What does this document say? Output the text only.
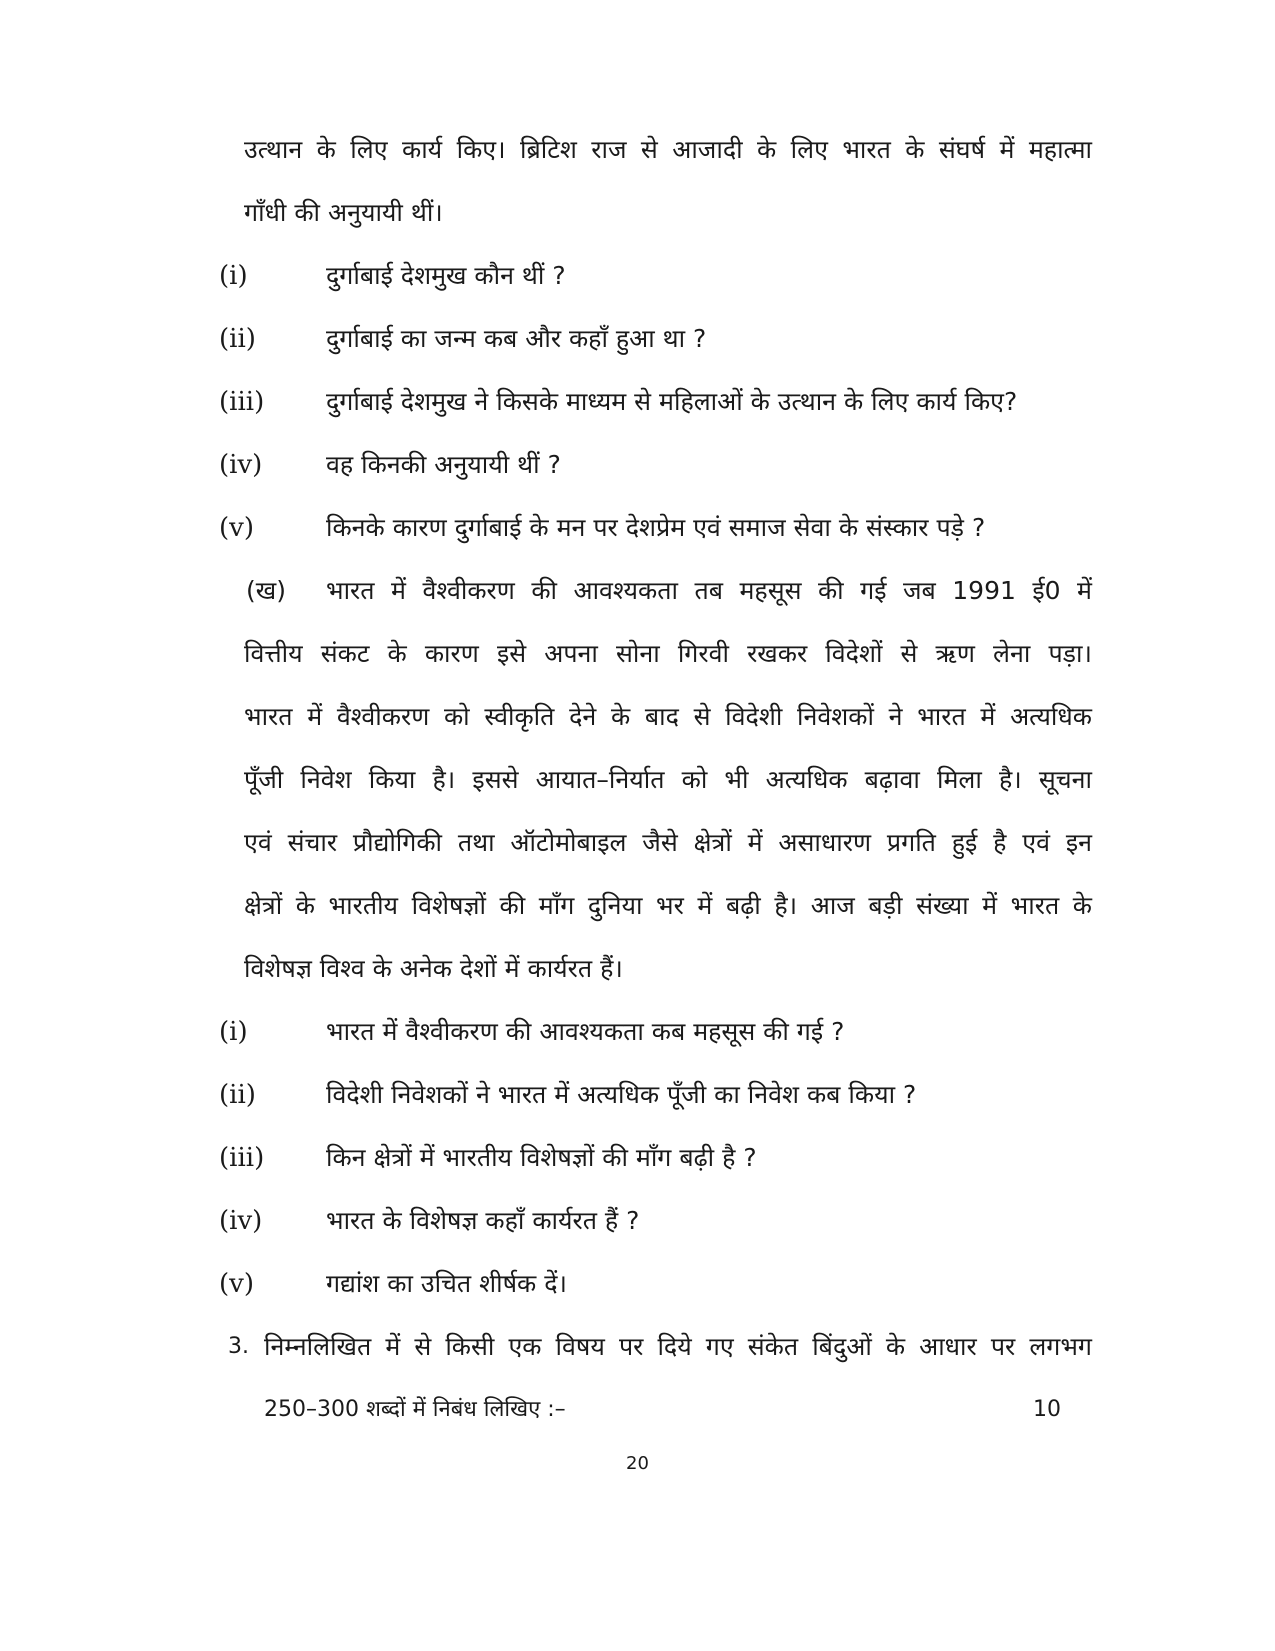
उत्थान के लिए कार्य किए। ब्रिटिश राज से आजादी के लिए भारत के संघर्ष में महात्मा
गाँधी की अनुयायी थीं।
(i)	दुर्गाबाई देशमुख कौन थीं ?
(ii)	दुर्गाबाई का जन्म कब और कहाँ हुआ था ?
(iii) दुर्गाबाई देशमुख ने किसके माध्यम से महिलाओं के उत्थान के लिए कार्य किए?
(iv)	वह किनकी अनुयायी थीं ?
(v)	किनके कारण दुर्गाबाई के मन पर देशप्रेम एवं समाज सेवा के संस्कार पड़े ?
(ख) भारत में वैश्वीकरण की आवश्यकता तब महसूस की गई जब 1991 ई0 में
वित्तीय संकट के कारण इसे अपना सोना गिरवी रखकर विदेशों से ऋण लेना पड़ा।
भारत में वैश्वीकरण को स्वीकृति देने के बाद से विदेशी निवेशकों ने भारत में अत्यधिक
पूँजी निवेश किया है। इससे आयात–निर्यात को भी अत्यधिक बढ़ावा मिला है। सूचना
एवं संचार प्रौद्योगिकी तथा ऑटोमोबाइल जैसे क्षेत्रों में असाधारण प्रगति हुई है एवं इन
क्षेत्रों के भारतीय विशेषज्ञों की माँग दुनिया भर में बढ़ी है। आज बड़ी संख्या में भारत के
विशेषज्ञ विश्व के अनेक देशों में कार्यरत हैं।
(i)	भारत में वैश्वीकरण की आवश्यकता कब महसूस की गई ?
(ii)	विदेशी निवेशकों ने भारत में अत्यधिक पूँजी का निवेश कब किया ?
(iii) किन क्षेत्रों में भारतीय विशेषज्ञों की माँग बढ़ी है ?
(iv)	भारत के विशेषज्ञ कहाँ कार्यरत हैं ?
(v)	गद्यांश का उचित शीर्षक दें।
3. निम्नलिखित में से किसी एक विषय पर दिये गए संकेत बिंदुओं के आधार पर लगभग
250–300 शब्दों में निबंध लिखिए :–	10
20
